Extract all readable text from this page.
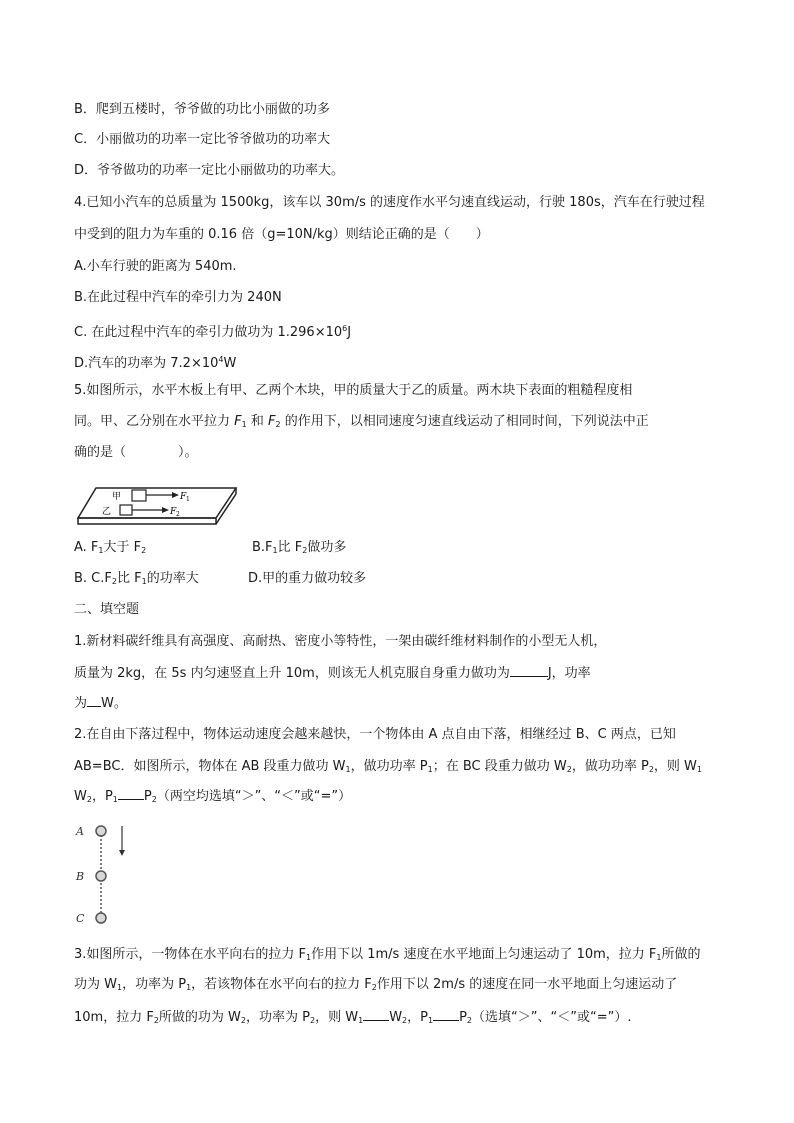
B．爬到五楼时，爷爷做的功比小丽做的功多
C．小丽做功的功率一定比爷爷做功的功率大
D．爷爷做功的功率一定比小丽做功的功率大。
4.已知小汽车的总质量为 1500kg，该车以 30m/s 的速度作水平匀速直线运动，行驶 180s，汽车在行驶过程
中受到的阻力为车重的 0.16 倍（g=10N/kg）则结论正确的是（　　）
A.小车行驶的距离为 540m.
B.在此过程中汽车的牵引力为 240N
C. 在此过程中汽车的牵引力做功为 $1.296\times 10^6J$
D.汽车的功率为 $7.2\times 10^4W$
5.如图所示，水平木板上有甲、乙两个木块，甲的质量大于乙的质量。两木块下表面的粗糙程度相
同。甲、乙分别在水平拉力 $F_1$ 和 $F_2$ 的作用下，以相同速度匀速直线运动了相同时间，下列说法中正
确的是（　　　　）。
甲
乙
F 1
F 2
A. $F_1$大于 $F_2$	$B.F_1$比 $F_2$做功多
B. $C.F_2$比 $F_1$的功率大	D.甲的重力做功较多
二、填空题
1.新材料碳纤维具有高强度、高耐热、密度小等特性，一架由碳纤维材料制作的小型无人机，
质量为 2kg，在 5s 内匀速竖直上升 10m，则该无人机克服自身重力做功为	J，功率
为 W。
2.在自由下落过程中，物体运动速度会越来越快，一个物体由 A 点自由下落，相继经过 B、C 两点，已知
AB=BC．如图所示，物体在 AB 段重力做功 $W_1$，做功功率 $P_1$；在 BC 段重力做功 $W_2$，做功功率 $P_2$，则 $W_1$
$W_2$，$P_1$ $P_2$（两空均选填“＞”、“＜”或“=”）
A
B
C
3.如图所示，一物体在水平向右的拉力 $F_1$作用下以 1m/s 速度在水平地面上匀速运动了 10m，拉力 $F_1$所做的
功为 $W_1$，功率为 $P_1$，若该物体在水平向右的拉力 $F_2$作用下以 2m/s 的速度在同一水平地面上匀速运动了
10m，拉力 $F_2$所做的功为 $W_2$，功率为 $P_2$，则 $W_1$ $W_2$，$P_1$ $P_2$（选填“＞”、“＜”或“=”）.
